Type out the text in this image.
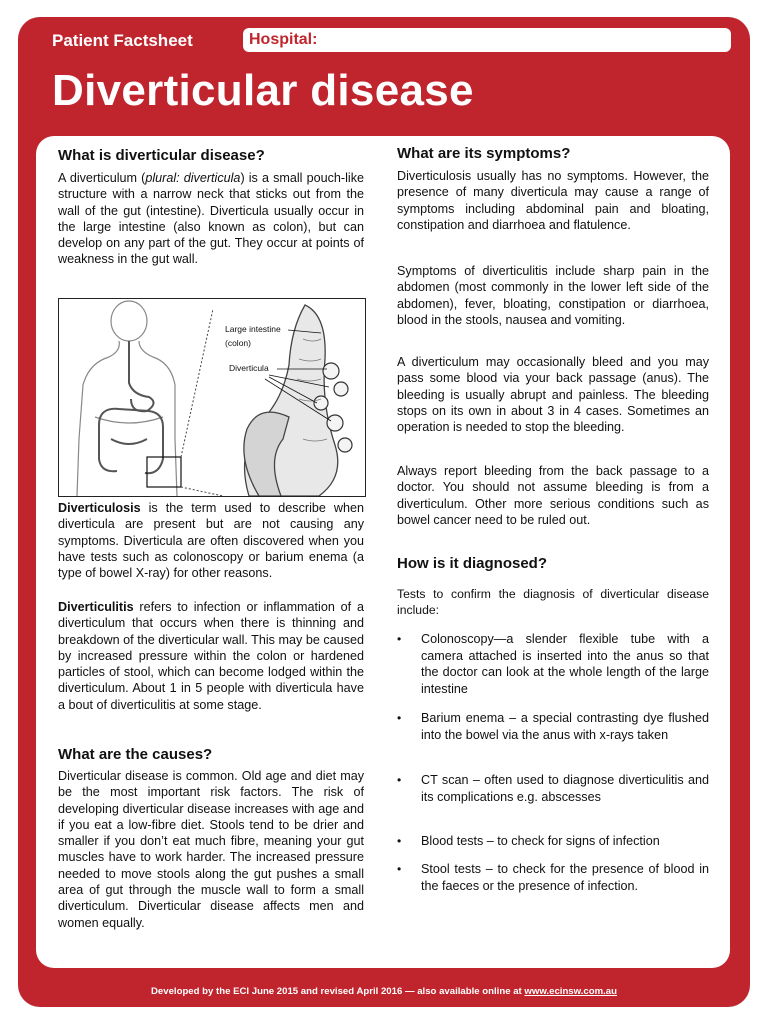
Patient Factsheet	Hospital:
Diverticular disease
What is diverticular disease?

A diverticulum (plural: diverticula) is a small pouch-like structure with a narrow neck that sticks out from the wall of the gut (intestine). Diverticula usually occur in the large intestine (also known as colon), but can develop on any part of the gut. They occur at points of weakness in the gut wall.

Large intestine
(colon)
Diverticula

Diverticulosis is the term used to describe when diverticula are present but are not causing any symptoms. Diverticula are often discovered when you have tests such as colonoscopy or barium enema (a type of bowel X-ray) for other reasons.

Diverticulitis refers to infection or inflammation of a diverticulum that occurs when there is thinning and breakdown of the diverticular wall. This may be caused by increased pressure within the colon or hardened particles of stool, which can become lodged within the diverticulum. About 1 in 5 people with diverticula have a bout of diverticulitis at some stage.

What are the causes?

Diverticular disease is common. Old age and diet may be the most important risk factors. The risk of developing diverticular disease increases with age and if you eat a low-fibre diet. Stools tend to be drier and smaller if you don’t eat much fibre, meaning your gut muscles have to work harder. The increased pressure needed to move stools along the gut pushes a small area of gut through the muscle wall to form a small diverticulum. Diverticular disease affects men and women equally.

What are its symptoms?

Diverticulosis usually has no symptoms. However, the presence of many diverticula may cause a range of symptoms including abdominal pain and bloating, constipation and diarrhoea and flatulence.

Symptoms of diverticulitis include sharp pain in the abdomen (most commonly in the lower left side of the abdomen), fever, bloating, constipation or diarrhoea, blood in the stools, nausea and vomiting.

A diverticulum may occasionally bleed and you may pass some blood via your back passage (anus). The bleeding is usually abrupt and painless. The bleeding stops on its own in about 3 in 4 cases. Sometimes an operation is needed to stop the bleeding.

Always report bleeding from the back passage to a doctor. You should not assume bleeding is from a diverticulum. Other more serious conditions such as bowel cancer need to be ruled out.

How is it diagnosed?

Tests to confirm the diagnosis of diverticular disease include:

• Colonoscopy—a slender flexible tube with a camera attached is inserted into the anus so that the doctor can look at the whole length of the large intestine
• Barium enema – a special contrasting dye flushed into the bowel via the anus with x-rays taken
• CT scan – often used to diagnose diverticulitis and its complications e.g. abscesses
• Blood tests – to check for signs of infection
• Stool tests – to check for the presence of blood in the faeces or the presence of infection.
Developed by the ECI June 2015 and revised April 2016 — also available online at www.ecinsw.com.au
